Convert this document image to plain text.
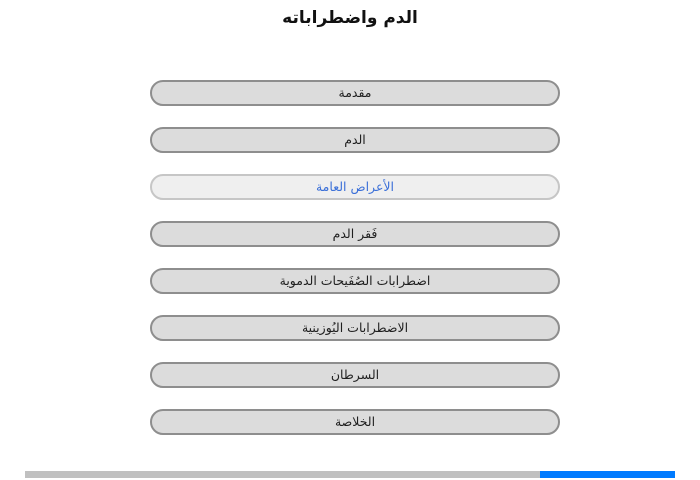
الدم واضطراباته
مقدمة
الدم
الأعراض العامة
فَقر الدم
اضطرابات الصُفَيحات الدموية
الاضطرابات اليُوزينية
السرطان
الخلاصة
